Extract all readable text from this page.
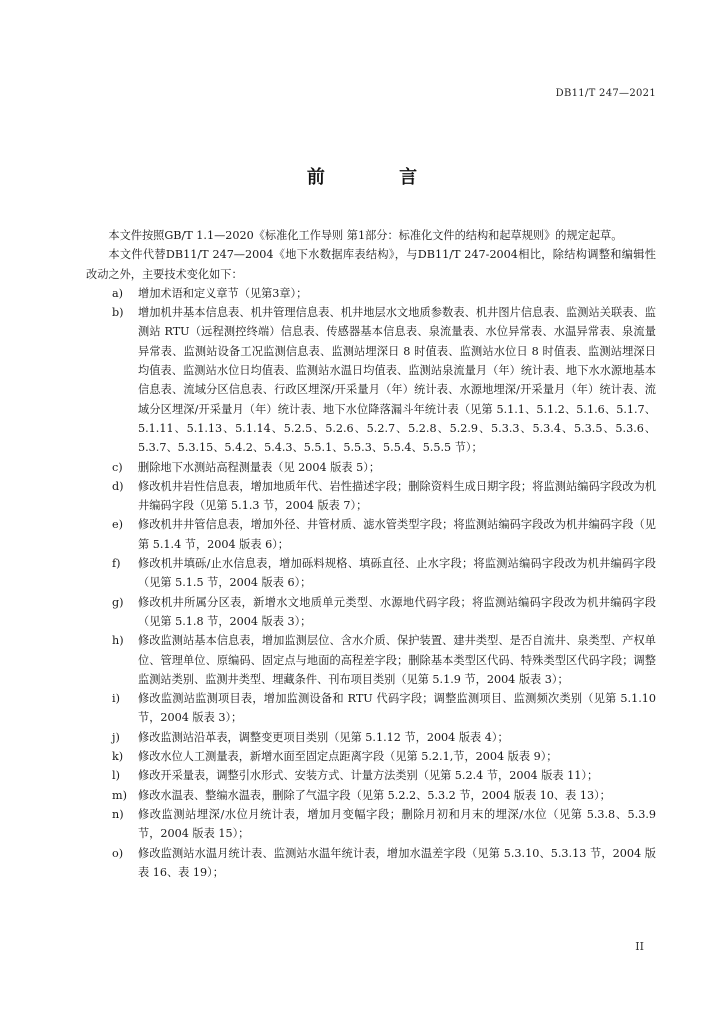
DB11/T 247—2021
前 言

本文件按照GB/T 1.1—2020《标准化工作导则 第1部分：标准化文件的结构和起草规则》的规定起草。

本文件代替DB11/T 247—2004《地下水数据库表结构》，与DB11/T 247-2004相比，除结构调整和编辑性改动之外，主要技术变化如下：

a) 增加术语和定义章节（见第3章）；
b) 增加机井基本信息表、机井管理信息表、机井地层水文地质参数表、机井图片信息表、监测站关联表、监测站 RTU（远程测控终端）信息表、传感器基本信息表、泉流量表、水位异常表、水温异常表、泉流量异常表、监测站设备工况监测信息表、监测站埋深日 8 时值表、监测站水位日 8 时值表、监测站埋深日均值表、监测站水位日均值表、监测站水温日均值表、监测站泉流量月（年）统计表、地下水水源地基本信息表、流域分区信息表、行政区埋深/开采量月（年）统计表、水源地埋深/开采量月（年）统计表、流域分区埋深/开采量月（年）统计表、地下水位降落漏斗年统计表（见第 5.1.1、5.1.2、5.1.6、5.1.7、5.1.11、5.1.13、5.1.14、5.2.5、5.2.6、5.2.7、5.2.8、5.2.9、5.3.3、5.3.4、5.3.5、5.3.6、5.3.7、5.3.15、5.4.2、5.4.3、5.5.1、5.5.3、5.5.4、5.5.5 节）；
c) 删除地下水测站高程测量表（见 2004 版表 5）；
d) 修改机井岩性信息表，增加地质年代、岩性描述字段；删除资料生成日期字段；将监测站编码字段改为机井编码字段（见第 5.1.3 节，2004 版表 7）；
e) 修改机井井管信息表，增加外径、井管材质、滤水管类型字段；将监测站编码字段改为机井编码字段（见第 5.1.4 节，2004 版表 6）；
f) 修改机井填砾/止水信息表，增加砾料规格、填砾直径、止水字段；将监测站编码字段改为机井编码字段（见第 5.1.5 节，2004 版表 6）；
g) 修改机井所属分区表，新增水文地质单元类型、水源地代码字段；将监测站编码字段改为机井编码字段（见第 5.1.8 节，2004 版表 3）；
h) 修改监测站基本信息表，增加监测层位、含水介质、保护装置、建井类型、是否自流井、泉类型、产权单位、管理单位、原编码、固定点与地面的高程差字段；删除基本类型区代码、特殊类型区代码字段；调整监测站类别、监测井类型、埋藏条件、刊布项目类别（见第 5.1.9 节，2004 版表 3）；
i) 修改监测站监测项目表，增加监测设备和 RTU 代码字段；调整监测项目、监测频次类别（见第 5.1.10 节，2004 版表 3）；
j) 修改监测站沿革表，调整变更项目类别（见第 5.1.12 节，2004 版表 4）；
k) 修改水位人工测量表，新增水面至固定点距离字段（见第 5.2.1,节，2004 版表 9）；
l) 修改开采量表，调整引水形式、安装方式、计量方法类别（见第 5.2.4 节，2004 版表 11）；
m) 修改水温表、整编水温表，删除了气温字段（见第 5.2.2、5.3.2 节，2004 版表 10、表 13）；
n) 修改监测站埋深/水位月统计表，增加月变幅字段；删除月初和月末的埋深/水位（见第 5.3.8、5.3.9 节，2004 版表 15）；
o) 修改监测站水温月统计表、监测站水温年统计表，增加水温差字段（见第 5.3.10、5.3.13 节，2004 版表 16、表 19）；
II
